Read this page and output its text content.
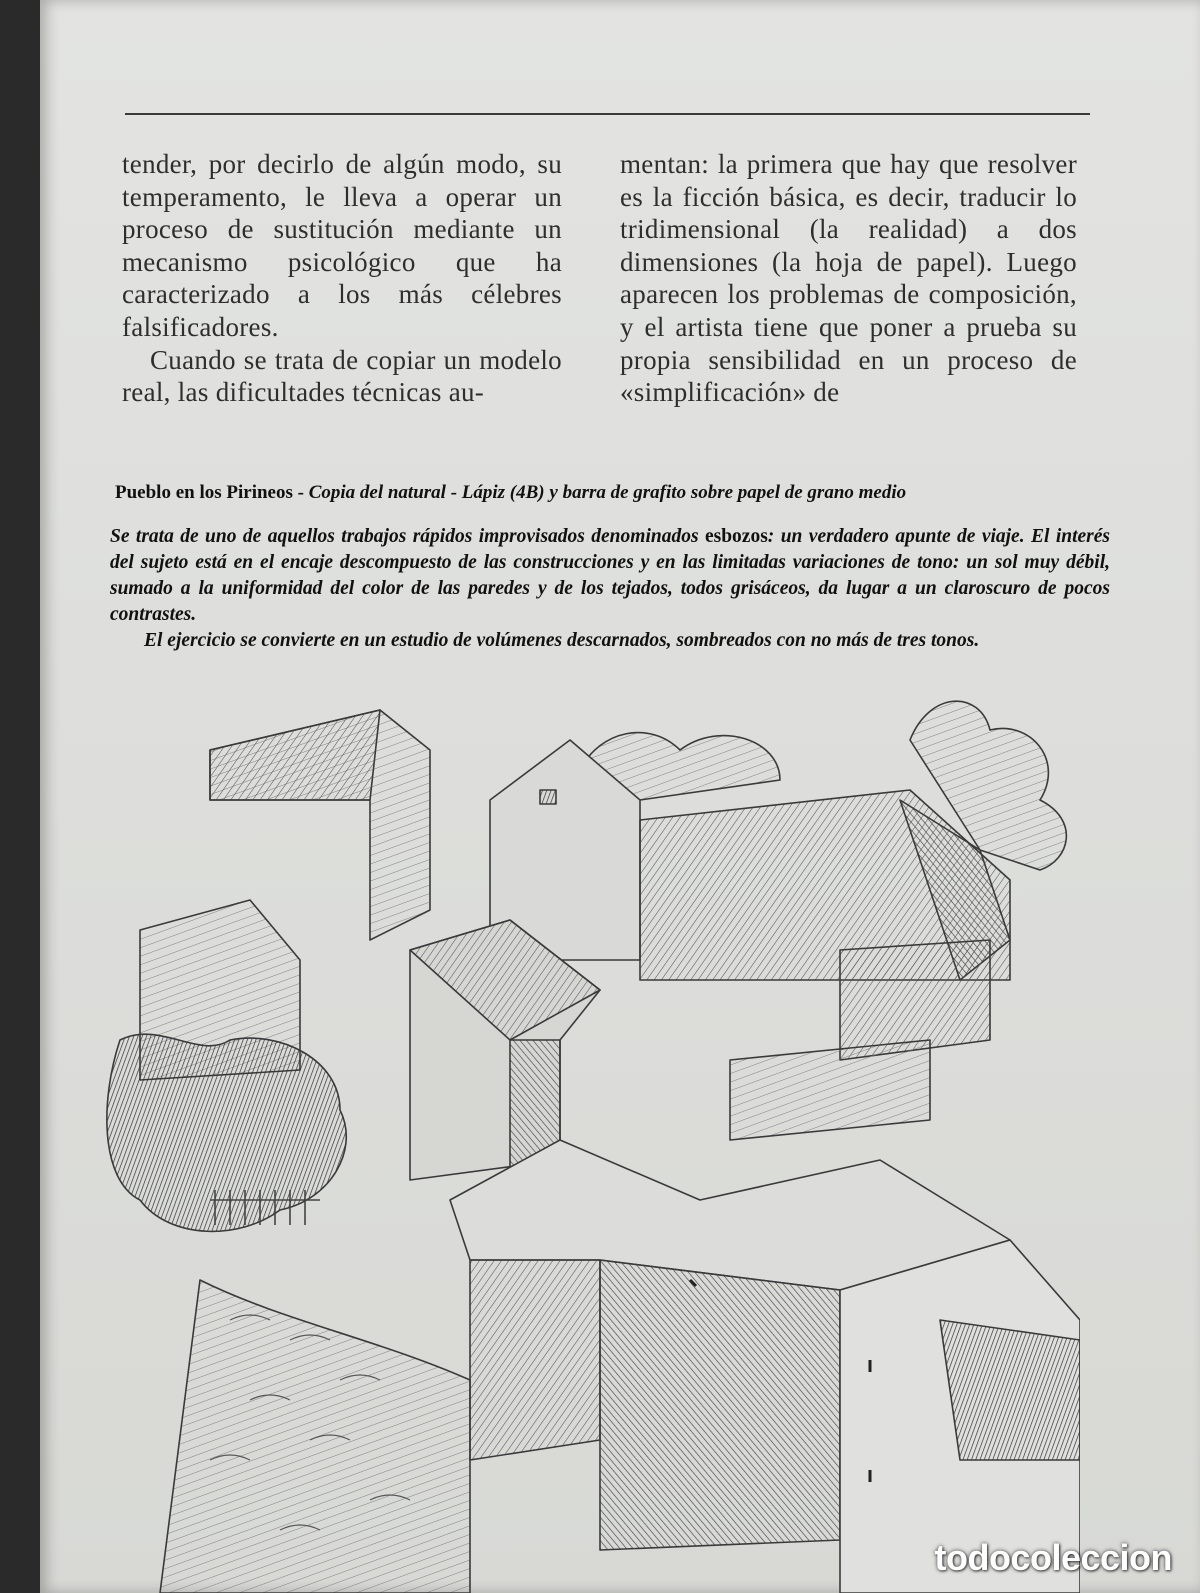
tender, por decirlo de algún modo, su temperamento, le lleva a operar un proceso de sustitución mediante un mecanismo psicológico que ha caracterizado a los más célebres falsificadores.

Cuando se trata de copiar un modelo real, las dificultades técnicas au-

mentan: la primera que hay que resolver es la ficción básica, es decir, traducir lo tridimensional (la realidad) a dos dimensiones (la hoja de papel). Luego aparecen los problemas de composición, y el artista tiene que poner a prueba su propia sensibilidad en un proceso de «simplificación» de

Pueblo en los Pirineos - Copia del natural - Lápiz (4B) y barra de grafito sobre papel de grano medio

Se trata de uno de aquellos trabajos rápidos improvisados denominados esbozos: un verdadero apunte de viaje. El interés del sujeto está en el encaje descompuesto de las construcciones y en las limitadas variaciones de tono: un sol muy débil, sumado a la uniformidad del color de las paredes y de los tejados, todos grisáceos, da lugar a un claroscuro de pocos contrastes.

El ejercicio se convierte en un estudio de volúmenes descarnados, sombreados con no más de tres tonos.

todocoleccion
